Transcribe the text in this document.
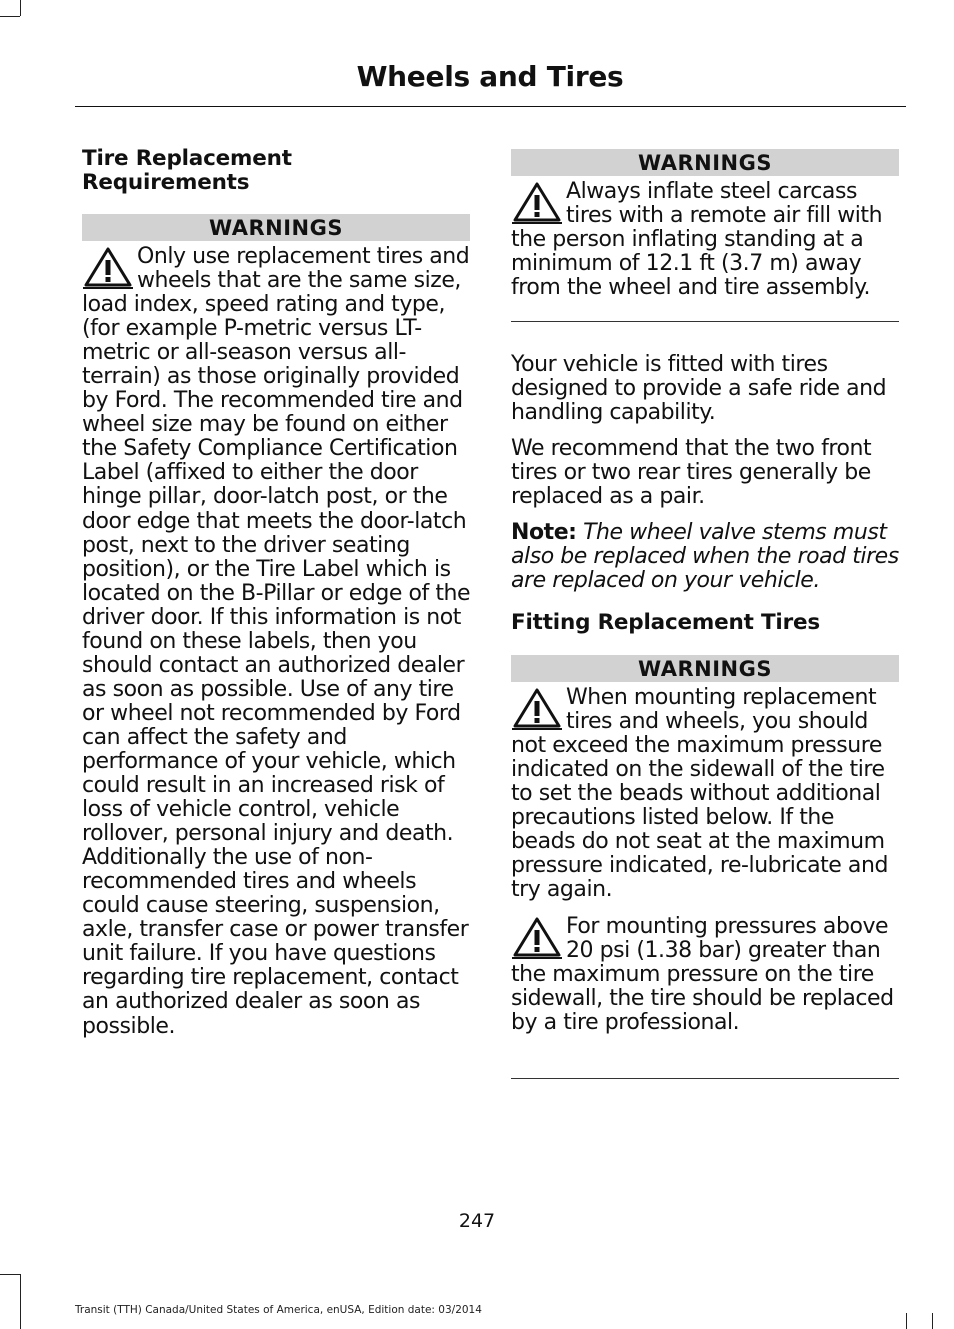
Wheels and Tires
Tire Replacement Requirements
WARNINGS
Only use replacement tires and wheels that are the same size, load index, speed rating and type, (for example P-metric versus LT-metric or all-season versus all-terrain) as those originally provided by Ford. The recommended tire and wheel size may be found on either the Safety Compliance Certification Label (affixed to either the door hinge pillar, door-latch post, or the door edge that meets the door-latch post, next to the driver seating position), or the Tire Label which is located on the B-Pillar or edge of the driver door. If this information is not found on these labels, then you should contact an authorized dealer as soon as possible. Use of any tire or wheel not recommended by Ford can affect the safety and performance of your vehicle, which could result in an increased risk of loss of vehicle control, vehicle rollover, personal injury and death. Additionally the use of non-recommended tires and wheels could cause steering, suspension, axle, transfer case or power transfer unit failure. If you have questions regarding tire replacement, contact an authorized dealer as soon as possible.
WARNINGS
Always inflate steel carcass tires with a remote air fill with the person inflating standing at a minimum of 12.1 ft (3.7 m) away from the wheel and tire assembly.
Your vehicle is fitted with tires designed to provide a safe ride and handling capability.
We recommend that the two front tires or two rear tires generally be replaced as a pair.
Note: The wheel valve stems must also be replaced when the road tires are replaced on your vehicle.
Fitting Replacement Tires
WARNINGS
When mounting replacement tires and wheels, you should not exceed the maximum pressure indicated on the sidewall of the tire to set the beads without additional precautions listed below. If the beads do not seat at the maximum pressure indicated, re-lubricate and try again.
For mounting pressures above 20 psi (1.38 bar) greater than the maximum pressure on the tire sidewall, the tire should be replaced by a tire professional.
247
Transit (TTH) Canada/United States of America, enUSA, Edition date: 03/2014
